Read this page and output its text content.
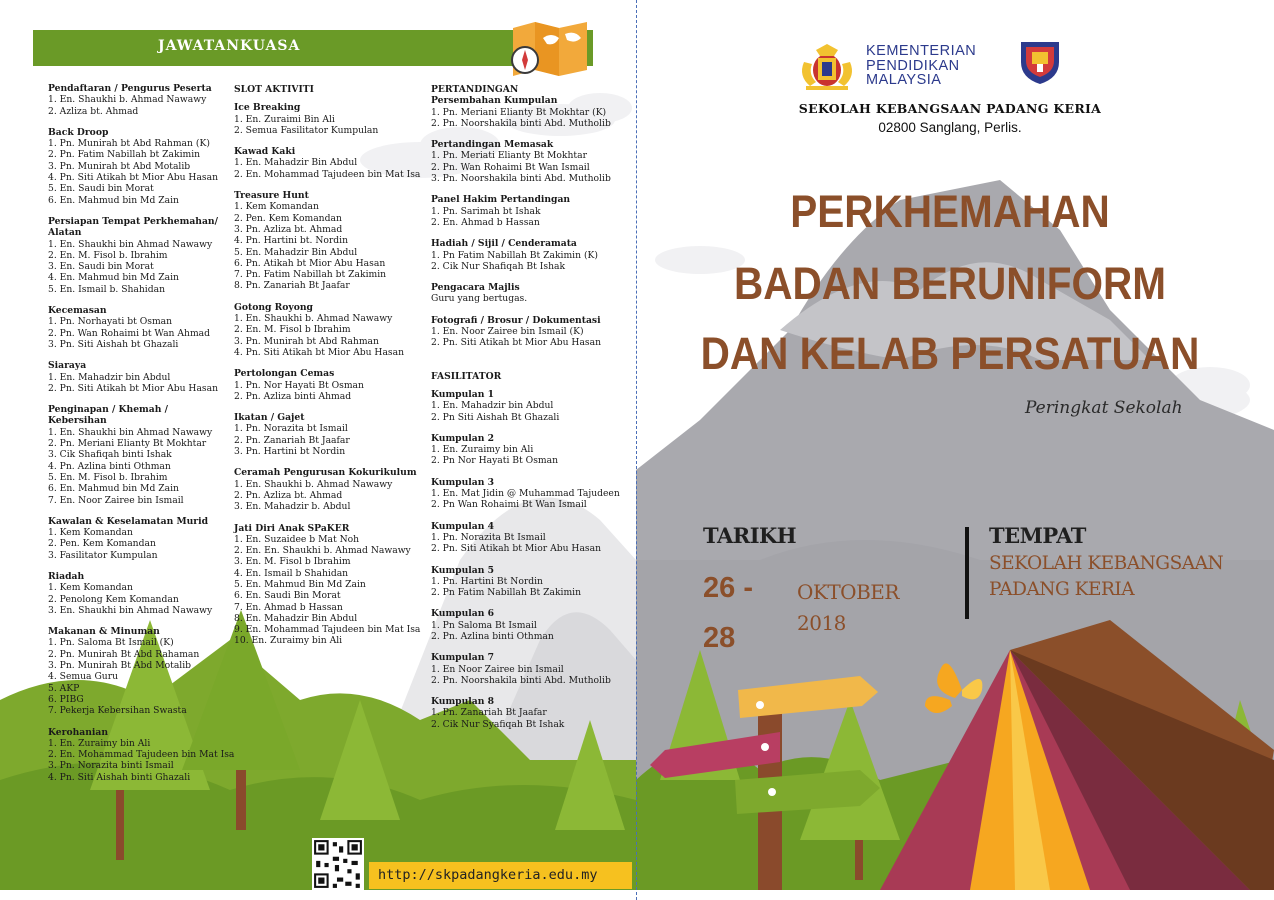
JAWATANKUASA
Pendaftaran / Pengurus Peserta
1. En. Shaukhi b. Ahmad Nawawy
2. Azliza bt. Ahmad
Back Droop
1. Pn. Munirah bt Abd Rahman (K)
2. Pn. Fatim Nabillah bt Zakimin
3. Pn. Munirah bt Abd Motalib
4. Pn. Siti Atikah bt Mior Abu Hasan
5. En. Saudi bin Morat
6. En. Mahmud bin Md Zain
Persiapan Tempat Perkhemahan/
Alatan
1. En. Shaukhi bin Ahmad Nawawy
2. En. M. Fisol b. Ibrahim
3. En. Saudi bin Morat
4. En. Mahmud bin Md Zain
5. En. Ismail b. Shahidan
Kecemasan
1. Pn. Norhayati bt Osman
2. Pn. Wan Rohaimi bt Wan Ahmad
3. Pn. Siti Aishah bt Ghazali
Siaraya
1. En. Mahadzir bin Abdul
2. Pn. Siti Atikah bt Mior Abu Hasan
Penginapan / Khemah / Kebersihan
1. En. Shaukhi bin Ahmad Nawawy
2. Pn. Meriani Elianty Bt Mokhtar
3. Cik Shafiqah binti Ishak
4. Pn. Azlina binti Othman
5. En. M. Fisol b. Ibrahim
6. En. Mahmud bin Md Zain
7. En. Noor Zairee bin Ismail
Kawalan & Keselamatan Murid
1. Kem Komandan
2. Pen. Kem Komandan
3. Fasilitator Kumpulan
Riadah
1. Kem Komandan
2. Penolong Kem Komandan
3. En. Shaukhi bin Ahmad Nawawy
Makanan & Minuman
1. Pn. Saloma Bt Ismail (K)
2. Pn. Munirah Bt Abd Rahaman
3. Pn. Munirah Bt Abd Motalib
4. Semua Guru
5. AKP
6. PIBG
7. Pekerja Kebersihan Swasta
Kerohanian
1. En. Zuraimy bin Ali
2. En. Mohammad Tajudeen bin Mat Isa
3. Pn. Norazita binti Ismail
4. Pn. Siti Aishah binti Ghazali
SLOT AKTIVITI
Ice Breaking
1. En. Zuraimi Bin Ali
2. Semua Fasilitator Kumpulan
Kawad Kaki
1. En. Mahadzir Bin Abdul
2. En. Mohammad Tajudeen bin Mat Isa
Treasure Hunt
1. Kem Komandan
2. Pen. Kem Komandan
3. Pn. Azliza bt. Ahmad
4. Pn. Hartini bt. Nordin
5. En. Mahadzir Bin Abdul
6. Pn. Atikah bt Mior Abu Hasan
7. Pn. Fatim Nabillah bt Zakimin
8. Pn. Zanariah Bt Jaafar
Gotong Royong
1. En. Shaukhi b. Ahmad Nawawy
2. En. M. Fisol b Ibrahim
3. Pn. Munirah bt Abd Rahman
4. Pn. Siti Atikah bt Mior Abu Hasan
Pertolongan Cemas
1. Pn. Nor Hayati Bt Osman
2. Pn. Azliza binti Ahmad
Ikatan / Gajet
1. Pn. Norazita bt Ismail
2. Pn. Zanariah Bt Jaafar
3. Pn. Hartini bt Nordin
Ceramah Pengurusan Kokurikulum
1. En. Shaukhi b. Ahmad Nawawy
2. Pn. Azliza bt. Ahmad
3. En. Mahadzir b. Abdul
Jati Diri Anak SPaKER
1. En. Suzaidee b Mat Noh
2. En. En. Shaukhi b. Ahmad Nawawy
3. En. M. Fisol b Ibrahim
4. En. Ismail b Shahidan
5. En. Mahmud Bin Md Zain
6. En. Saudi Bin Morat
7. En. Ahmad b Hassan
8. En. Mahadzir Bin Abdul
9. En. Mohammad Tajudeen bin Mat Isa
10. En. Zuraimy bin Ali
PERTANDINGAN
Persembahan Kumpulan
1. Pn. Meriani Elianty Bt Mokhtar (K)
2. Pn. Noorshakila binti Abd. Mutholib
Pertandingan Memasak
1. Pn. Meriati Elianty Bt Mokhtar
2. Pn. Wan Rohaimi Bt Wan Ismail
3. Pn. Noorshakila binti Abd. Mutholib
Panel Hakim Pertandingan
1. Pn. Sarimah bt Ishak
2. En. Ahmad b Hassan
Hadiah / Sijil / Cenderamata
1. Pn Fatim Nabillah Bt Zakimin (K)
2. Cik Nur Shafiqah Bt Ishak
Pengacara Majlis
Guru yang bertugas.
Fotografi / Brosur / Dokumentasi
1. En. Noor Zairee bin Ismail (K)
2. Pn. Siti Atikah bt Mior Abu Hasan
FASILITATOR
Kumpulan 1
1. En. Mahadzir bin Abdul
2. Pn Siti Aishah Bt Ghazali
Kumpulan 2
1. En. Zuraimy bin Ali
2. Pn Nor Hayati Bt Osman
Kumpulan 3
1. En. Mat Jidin @ Muhammad Tajudeen
2. Pn Wan Rohaimi Bt Wan Ismail
Kumpulan 4
1. Pn. Norazita Bt Ismail
2. Pn. Siti Atikah bt Mior Abu Hasan
Kumpulan 5
1. Pn. Hartini Bt Nordin
2. Pn Fatim Nabillah Bt Zakimin
Kumpulan 6
1. Pn Saloma Bt Ismail
2. Pn. Azlina binti Othman
Kumpulan 7
1. En Noor Zairee bin Ismail
2. Pn. Noorshakila binti Abd. Mutholib
Kumpulan 8
1. Pn. Zanariah Bt Jaafar
2. Cik Nur Syafiqah Bt Ishak
http://skpadangkeria.edu.my
KEMENTERIAN
PENDIDIKAN
MALAYSIA
SEKOLAH KEBANGSAAN PADANG KERIA
02800 Sanglang, Perlis.
PERKHEMAHAN
BADAN BERUNIFORM
DAN KELAB PERSATUAN
Peringkat Sekolah
TARIKH
26 -
28
OKTOBER
2018
TEMPAT
SEKOLAH KEBANGSAAN
PADANG KERIA
